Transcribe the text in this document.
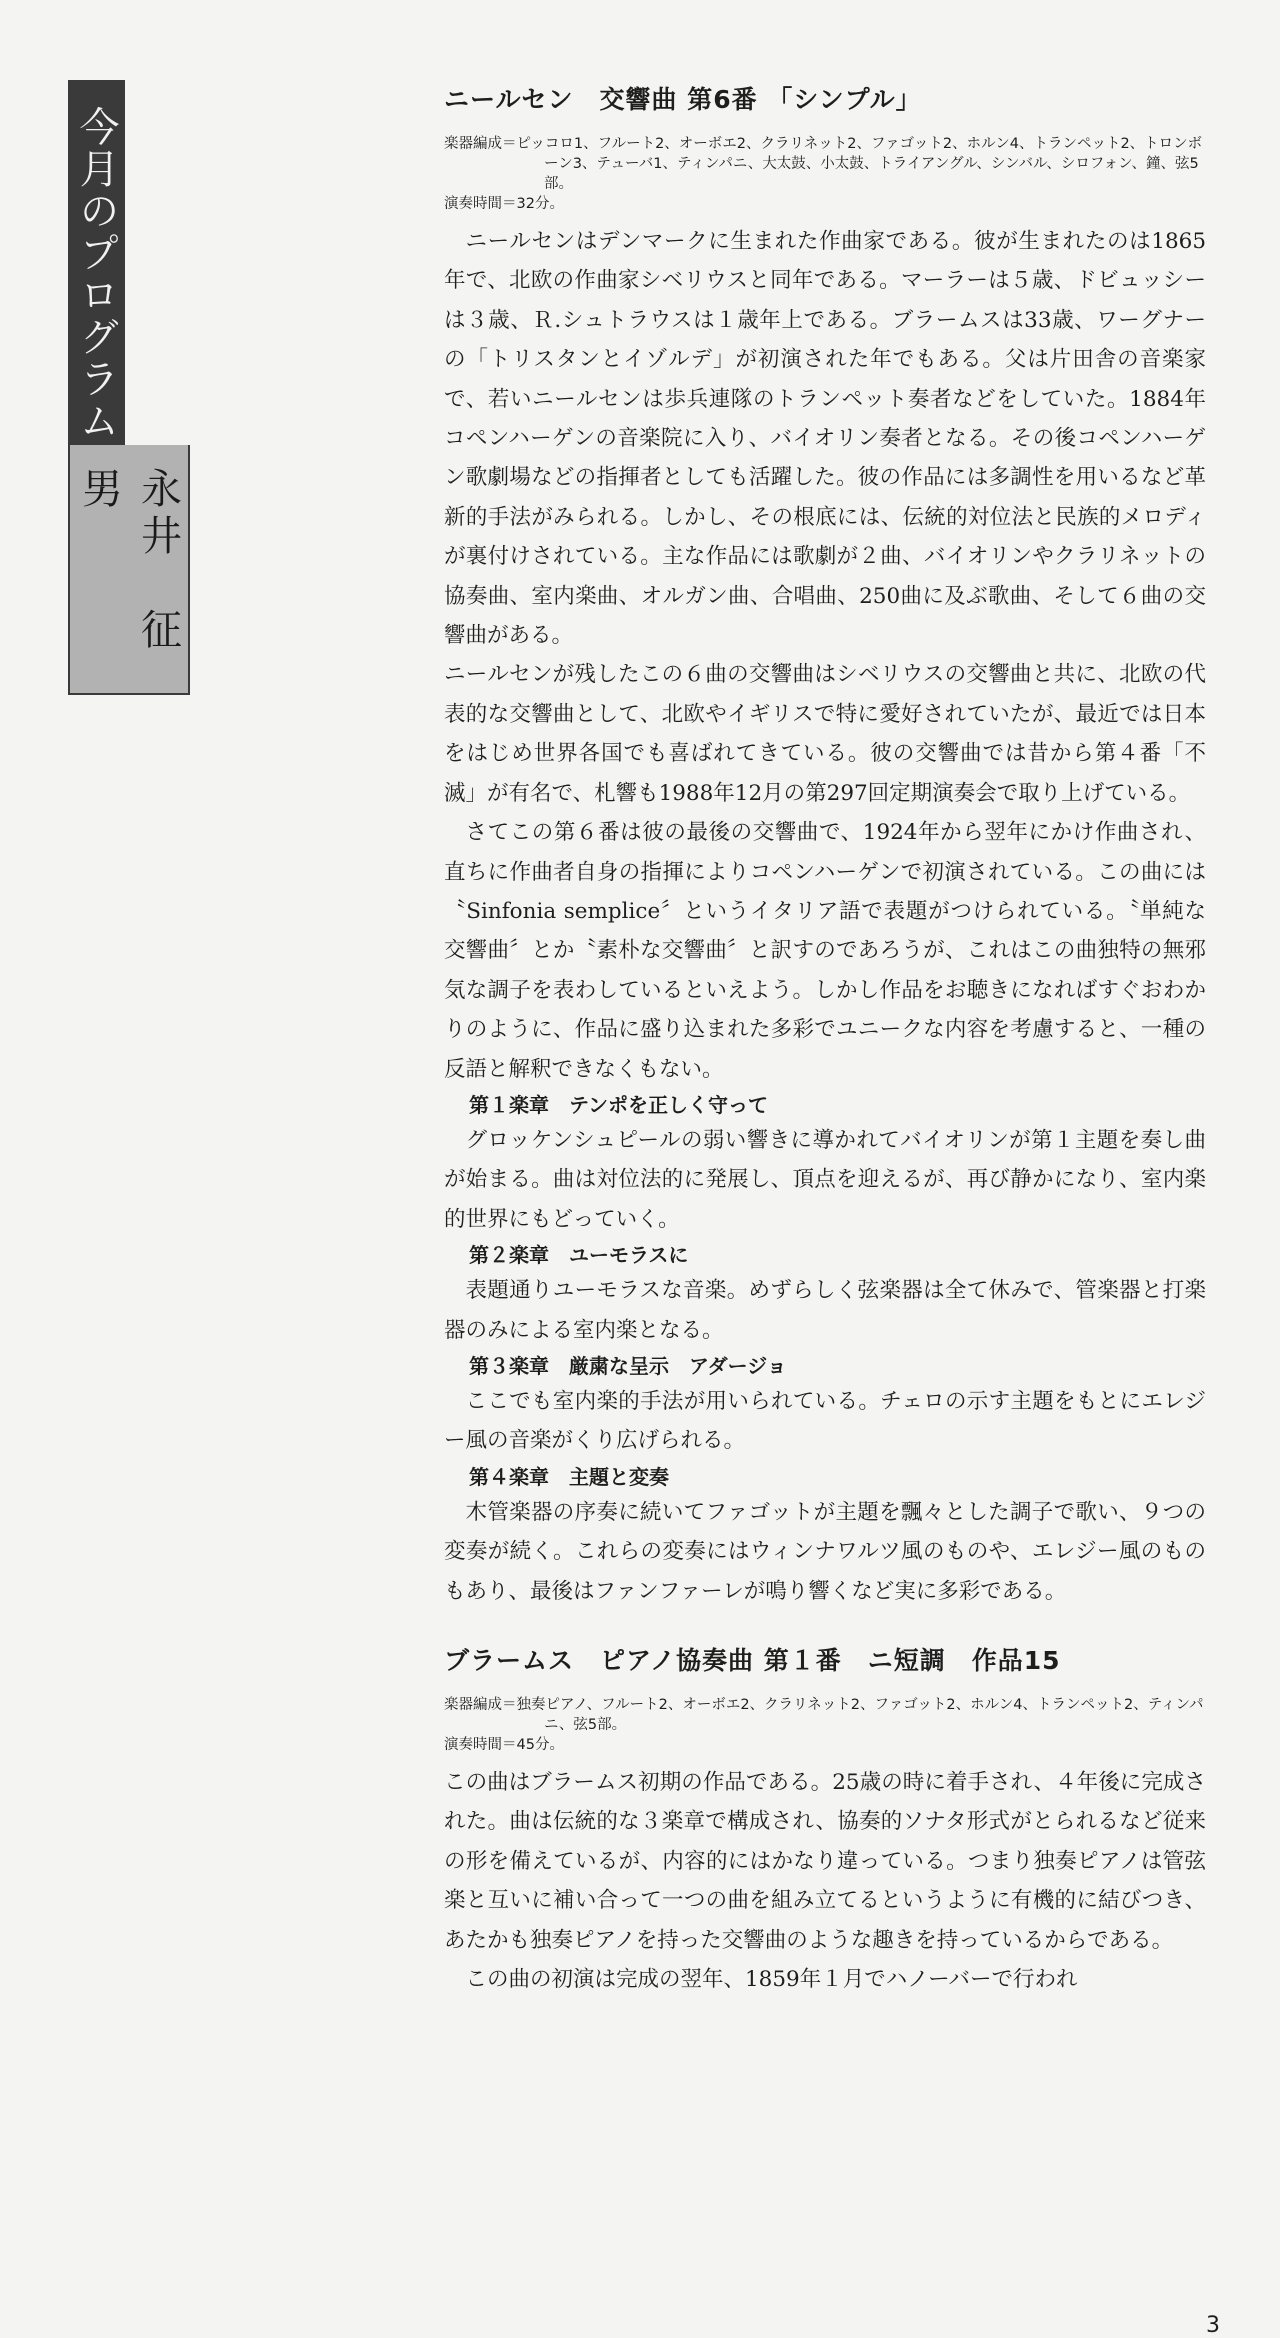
今月のプログラム
永井　征男
ニールセン　交響曲 第6番 「シンプル」

楽器編成＝ピッコロ1、フルート2、オーボエ2、クラリネット2、ファゴット2、ホルン4、トランペット2、トロンボーン3、テューバ1、ティンパニ、大太鼓、小太鼓、トライアングル、シンバル、シロフォン、鐘、弦5部。

演奏時間＝32分。

ニールセンはデンマークに生まれた作曲家である。彼が生まれたのは1865年で、北欧の作曲家シベリウスと同年である。マーラーは５歳、ドビュッシーは３歳、Ｒ.シュトラウスは１歳年上である。ブラームスは33歳、ワーグナーの「トリスタンとイゾルデ」が初演された年でもある。父は片田舎の音楽家で、若いニールセンは歩兵連隊のトランペット奏者などをしていた。1884年コペンハーゲンの音楽院に入り、バイオリン奏者となる。その後コペンハーゲン歌劇場などの指揮者としても活躍した。彼の作品には多調性を用いるなど革新的手法がみられる。しかし、その根底には、伝統的対位法と民族的メロディが裏付けされている。主な作品には歌劇が２曲、バイオリンやクラリネットの協奏曲、室内楽曲、オルガン曲、合唱曲、250曲に及ぶ歌曲、そして６曲の交響曲がある。

ニールセンが残したこの６曲の交響曲はシベリウスの交響曲と共に、北欧の代表的な交響曲として、北欧やイギリスで特に愛好されていたが、最近では日本をはじめ世界各国でも喜ばれてきている。彼の交響曲では昔から第４番「不滅」が有名で、札響も1988年12月の第297回定期演奏会で取り上げている。

さてこの第６番は彼の最後の交響曲で、1924年から翌年にかけ作曲され、直ちに作曲者自身の指揮によりコペンハーゲンで初演されている。この曲には〝Sinfonia semplice〞というイタリア語で表題がつけられている。〝単純な交響曲〞とか〝素朴な交響曲〞と訳すのであろうが、これはこの曲独特の無邪気な調子を表わしているといえよう。しかし作品をお聴きになればすぐおわかりのように、作品に盛り込まれた多彩でユニークな内容を考慮すると、一種の反語と解釈できなくもない。

第１楽章　テンポを正しく守って

グロッケンシュピールの弱い響きに導かれてバイオリンが第１主題を奏し曲が始まる。曲は対位法的に発展し、頂点を迎えるが、再び静かになり、室内楽的世界にもどっていく。

第２楽章　ユーモラスに

表題通りユーモラスな音楽。めずらしく弦楽器は全て休みで、管楽器と打楽器のみによる室内楽となる。

第３楽章　厳粛な呈示　アダージョ

ここでも室内楽的手法が用いられている。チェロの示す主題をもとにエレジー風の音楽がくり広げられる。

第４楽章　主題と変奏

木管楽器の序奏に続いてファゴットが主題を飄々とした調子で歌い、９つの変奏が続く。これらの変奏にはウィンナワルツ風のものや、エレジー風のものもあり、最後はファンファーレが鳴り響くなど実に多彩である。

ブラームス　ピアノ協奏曲 第１番　ニ短調　作品15

楽器編成＝独奏ピアノ、フルート2、オーボエ2、クラリネット2、ファゴット2、ホルン4、トランペット2、ティンパニ、弦5部。

演奏時間＝45分。

この曲はブラームス初期の作品である。25歳の時に着手され、４年後に完成された。曲は伝統的な３楽章で構成され、協奏的ソナタ形式がとられるなど従来の形を備えているが、内容的にはかなり違っている。つまり独奏ピアノは管弦楽と互いに補い合って一つの曲を組み立てるというように有機的に結びつき、あたかも独奏ピアノを持った交響曲のような趣きを持っているからである。

この曲の初演は完成の翌年、1859年１月でハノーバーで行われ

3
